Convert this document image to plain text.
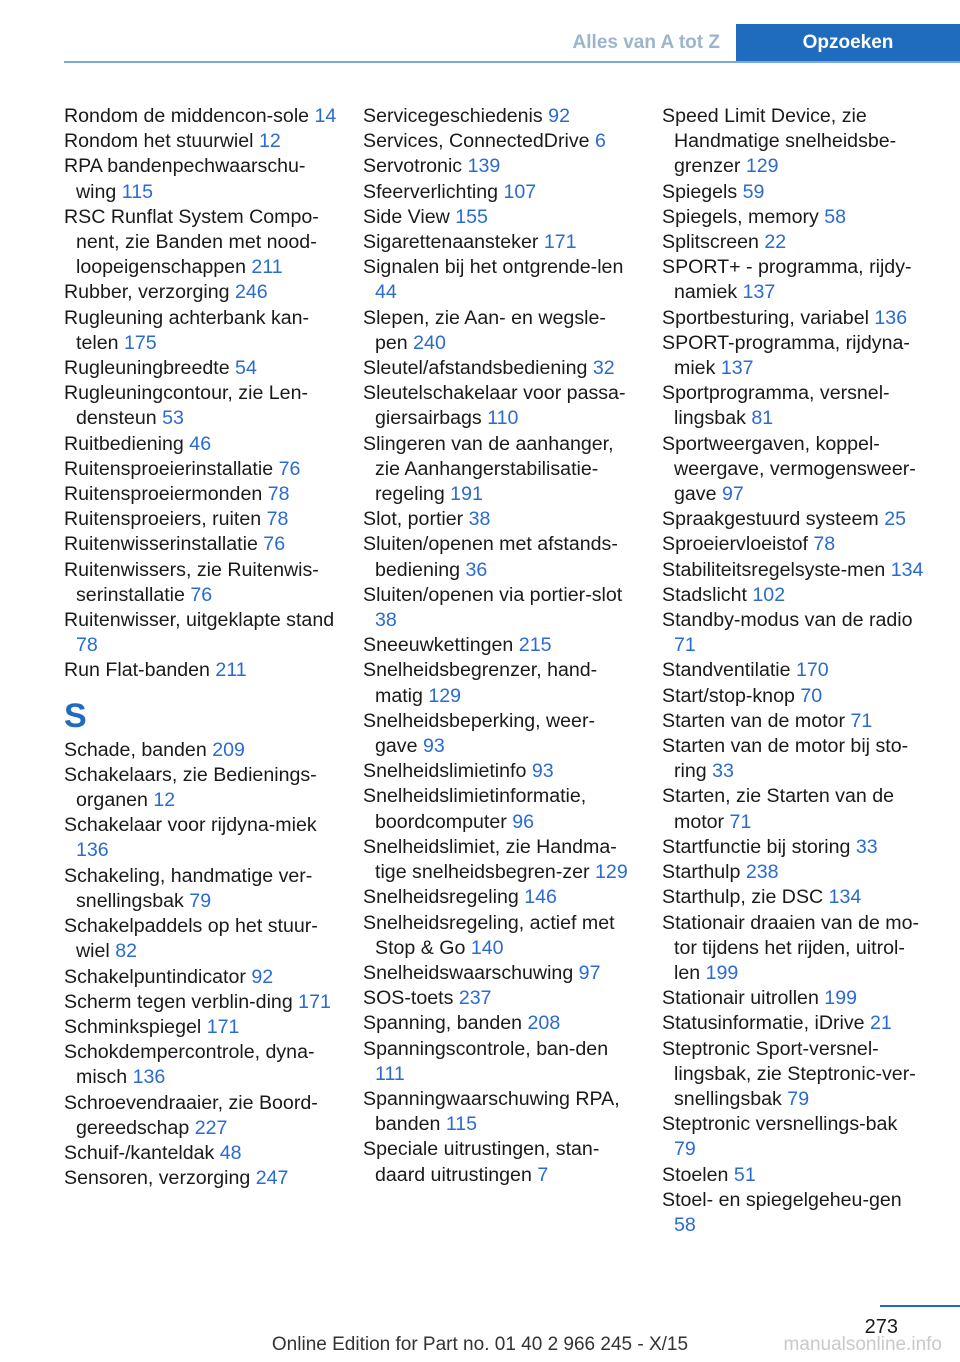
Alles van A tot Z	Opzoeken
Rondom de middencon‐sole 14
Rondom het stuurwiel 12
RPA bandenpechwaarschu‐wing 115
RSC Runflat System Compo‐nent, zie Banden met nood‐loopeigenschappen 211
Rubber, verzorging 246
Rugleuning achterbank kan‐telen 175
Rugleuningbreedte 54
Rugleuningcontour, zie Len‐densteun 53
Ruitbediening 46
Ruitensproeierinstallatie 76
Ruitensproeiermonden 78
Ruitensproeiers, ruiten 78
Ruitenwisserinstallatie 76
Ruitenwissers, zie Ruitenwis‐serinstallatie 76
Ruitenwisser, uitgeklapte stand 78
Run Flat-banden 211
S
Schade, banden 209
Schakelaars, zie Bedienings‐organen 12
Schakelaar voor rijdyna‐miek 136
Schakeling, handmatige ver‐snellingsbak 79
Schakelpaddels op het stuur‐wiel 82
Schakelpuntindicator 92
Scherm tegen verblin‐ding 171
Schminkspiegel 171
Schokdempercontrole, dyna‐misch 136
Schroevendraaier, zie Boord‐gereedschap 227
Schuif-/kanteldak 48
Sensoren, verzorging 247
Servicegeschiedenis 92
Services, ConnectedDrive 6
Servotronic 139
Sfeerverlichting 107
Side View 155
Sigarettenaansteker 171
Signalen bij het ontgrende‐len 44
Slepen, zie Aan- en wegsle‐pen 240
Sleutel/afstandsbediening 32
Sleutelschakelaar voor passa‐giersairbags 110
Slingeren van de aanhanger, zie Aanhangerstabilisatie‐regeling 191
Slot, portier 38
Sluiten/openen met afstands‐bediening 36
Sluiten/openen via portier‐slot 38
Sneeuwkettingen 215
Snelheidsbegrenzer, hand‐matig 129
Snelheidsbeperking, weer‐gave 93
Snelheidslimietinfo 93
Snelheidslimietinformatie, boordcomputer 96
Snelheidslimiet, zie Handma‐tige snelheidsbegren‐zer 129
Snelheidsregeling 146
Snelheidsregeling, actief met Stop & Go 140
Snelheidswaarschuwing 97
SOS-toets 237
Spanning, banden 208
Spanningscontrole, ban‐den 111
Spanningwaarschuwing RPA, banden 115
Speciale uitrustingen, stan‐daard uitrustingen 7
Speed Limit Device, zie Handmatige snelheidsbe‐grenzer 129
Spiegels 59
Spiegels, memory 58
Splitscreen 22
SPORT+ - programma, rijdy‐namiek 137
Sportbesturing, variabel 136
SPORT-programma, rijdyna‐miek 137
Sportprogramma, versnel‐lingsbak 81
Sportweergaven, koppel‐weergave, vermogensweer‐gave 97
Spraakgestuurd systeem 25
Sproeiervloeistof 78
Stabiliteitsregelsyste‐men 134
Stadslicht 102
Standby-modus van de radio 71
Standventilatie 170
Start/stop-knop 70
Starten van de motor 71
Starten van de motor bij sto‐ring 33
Starten, zie Starten van de motor 71
Startfunctie bij storing 33
Starthulp 238
Starthulp, zie DSC 134
Stationair draaien van de mo‐tor tijdens het rijden, uitrol‐len 199
Stationair uitrollen 199
Statusinformatie, iDrive 21
Steptronic Sport-versnel‐lingsbak, zie Steptronic-ver‐snellingsbak 79
Steptronic versnellings‐bak 79
Stoelen 51
Stoel- en spiegelgeheu‐gen 58
273
Online Edition for Part no. 01 40 2 966 245 - X/15	manualsonline.info
